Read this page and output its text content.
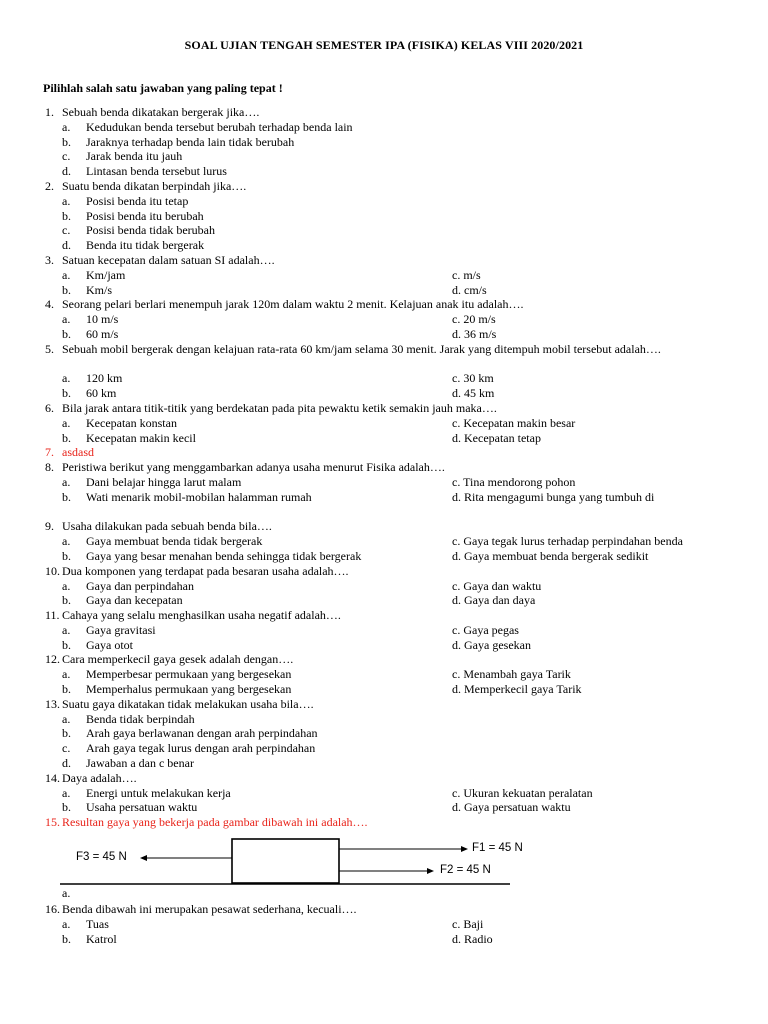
SOAL UJIAN TENGAH SEMESTER IPA (FISIKA) KELAS VIII 2020/2021
Pilihlah salah satu jawaban yang paling tepat !
1. Sebuah benda dikatakan bergerak jika….
a. Kedudukan benda tersebut berubah terhadap benda lain
b. Jaraknya terhadap benda lain tidak berubah
c. Jarak benda itu jauh
d. Lintasan benda tersebut lurus
2. Suatu benda dikatan berpindah jika….
a. Posisi benda itu tetap
b. Posisi benda itu berubah
c. Posisi benda tidak berubah
d. Benda itu tidak bergerak
3. Satuan kecepatan dalam satuan SI adalah….
a. Km/jam	c. m/s
b. Km/s	d. cm/s
4. Seorang pelari berlari menempuh jarak 120m dalam waktu 2 menit. Kelajuan anak itu adalah….
a. 10 m/s	c. 20 m/s
b. 60 m/s	d. 36 m/s
5. Sebuah mobil bergerak dengan kelajuan rata-rata 60 km/jam selama 30 menit. Jarak yang ditempuh mobil tersebut adalah….
a. 120 km	c. 30 km
b. 60 km	d. 45 km
6. Bila jarak antara titik-titik yang berdekatan pada pita pewaktu ketik semakin jauh maka….
a. Kecepatan konstan	c. Kecepatan makin besar
b. Kecepatan makin kecil	d. Kecepatan tetap
7. asdasd
8. Peristiwa berikut yang menggambarkan adanya usaha menurut Fisika adalah….
a. Dani belajar hingga larut malam	c. Tina mendorong pohon
b. Wati menarik mobil-mobilan halamman rumah	d. Rita mengagumi bunga yang tumbuh di
9. Usaha dilakukan pada sebuah benda bila….
a. Gaya membuat benda tidak bergerak	c. Gaya tegak lurus terhadap perpindahan benda
b. Gaya yang besar menahan benda sehingga tidak bergerak	d. Gaya membuat benda bergerak sedikit
10. Dua komponen yang terdapat pada besaran usaha adalah….
a. Gaya dan perpindahan	c. Gaya dan waktu
b. Gaya dan kecepatan	d. Gaya dan daya
11. Cahaya yang selalu menghasilkan usaha negatif adalah….
a. Gaya gravitasi	c. Gaya pegas
b. Gaya otot	d. Gaya gesekan
12. Cara memperkecil gaya gesek adalah dengan….
a. Memperbesar permukaan yang bergesekan	c. Menambah gaya Tarik
b. Memperhalus permukaan yang bergesekan	d. Memperkecil gaya Tarik
13. Suatu gaya dikatakan tidak melakukan usaha bila….
a. Benda tidak berpindah
b. Arah gaya berlawanan dengan arah perpindahan
c. Arah gaya tegak lurus dengan arah perpindahan
d. Jawaban a dan c benar
14. Daya adalah….
a. Energi untuk melakukan kerja	c. Ukuran kekuatan peralatan
b. Usaha persatuan waktu	d. Gaya persatuan waktu
15. Resultan gaya yang bekerja pada gambar dibawah ini adalah….
F1 = 45 N
F2 = 45 N
F3 = 45 N
a.
16. Benda dibawah ini merupakan pesawat sederhana, kecuali….
a. Tuas	c. Baji
b. Katrol	d. Radio
